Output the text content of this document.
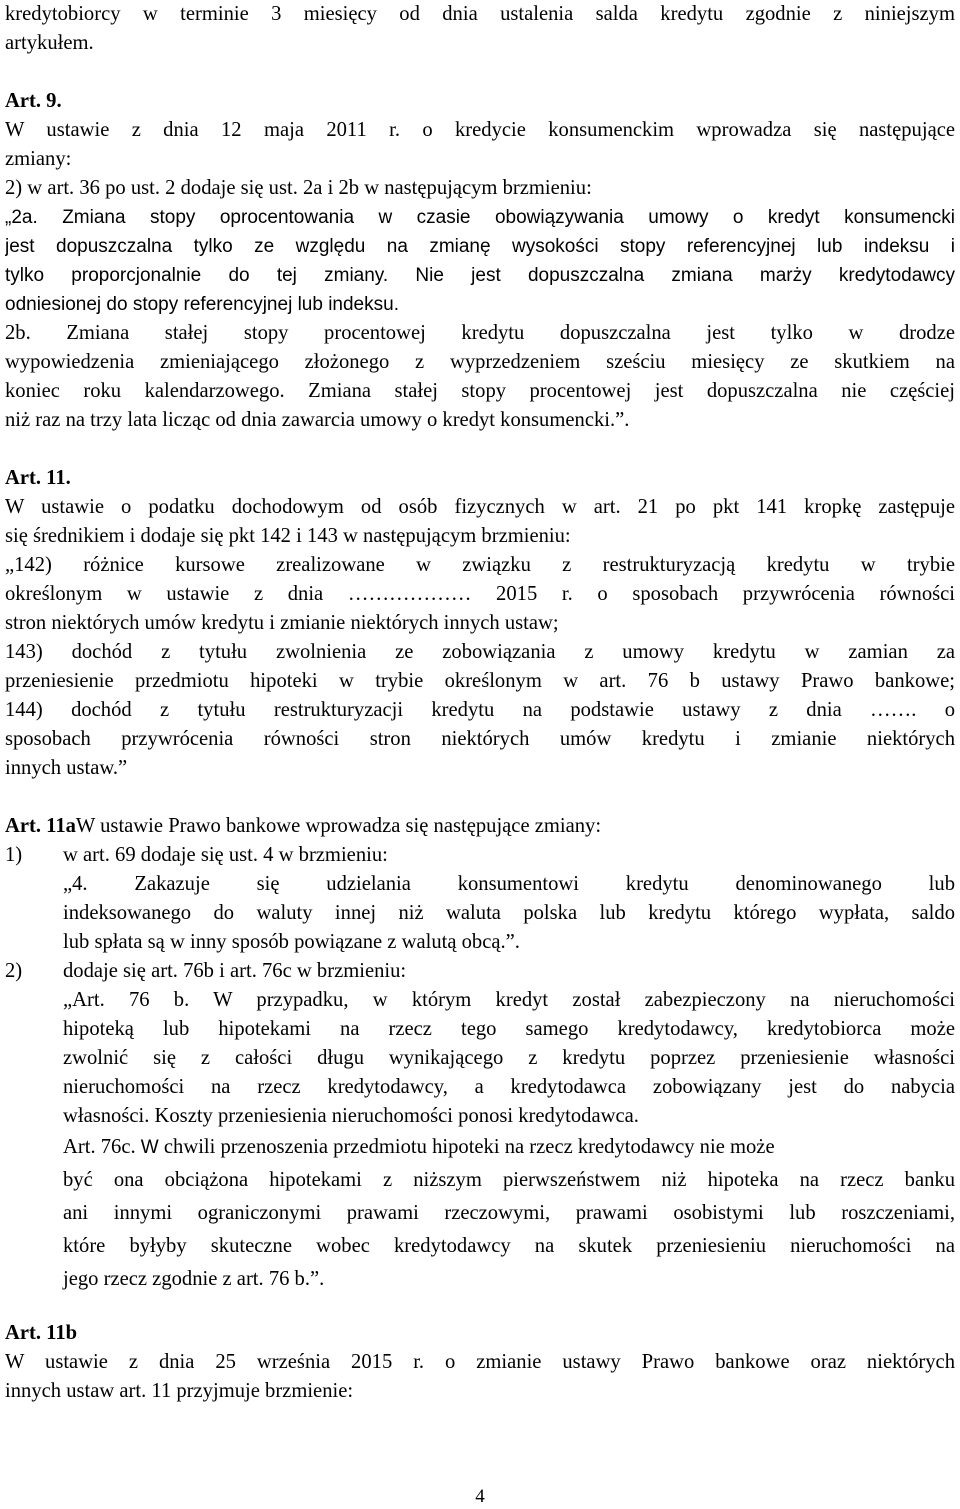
kredytobiorcy w terminie 3 miesięcy od dnia ustalenia salda kredytu zgodnie z niniejszym
artykułem.
Art. 9.
W ustawie z dnia 12 maja 2011 r. o kredycie konsumenckim wprowadza się następujące
zmiany:
2) w art. 36 po ust. 2 dodaje się ust. 2a i 2b w następującym brzmieniu:
„2a. Zmiana stopy oprocentowania w czasie obowiązywania umowy o kredyt konsumencki
jest dopuszczalna tylko ze względu na zmianę wysokości stopy referencyjnej lub indeksu i
tylko proporcjonalnie do tej zmiany. Nie jest dopuszczalna zmiana marży kredytodawcy
odniesionej do stopy referencyjnej lub indeksu.
2b. Zmiana stałej stopy procentowej kredytu dopuszczalna jest tylko w drodze
wypowiedzenia zmieniającego złożonego z wyprzedzeniem sześciu miesięcy ze skutkiem na
koniec roku kalendarzowego. Zmiana stałej stopy procentowej jest dopuszczalna nie częściej
niż raz na trzy lata licząc od dnia zawarcia umowy o kredyt konsumencki.”.
Art. 11.
W ustawie o podatku dochodowym od osób fizycznych w art. 21 po pkt 141 kropkę zastępuje
się średnikiem i dodaje się pkt 142 i 143 w następującym brzmieniu:
„142) różnice kursowe zrealizowane w związku z restrukturyzacją kredytu w trybie
określonym w ustawie z dnia ……………… 2015 r. o sposobach przywrócenia równości
stron niektórych umów kredytu i zmianie niektórych innych ustaw;
143) dochód z tytułu zwolnienia ze zobowiązania z umowy kredytu w zamian za
przeniesienie przedmiotu hipoteki w trybie określonym w art. 76 b ustawy Prawo bankowe;
144) dochód z tytułu restrukturyzacji kredytu na podstawie ustawy z dnia ……. o
sposobach przywrócenia równości stron niektórych umów kredytu i zmianie niektórych
innych ustaw.”
Art. 11aW ustawie Prawo bankowe wprowadza się następujące zmiany:
1) w art. 69 dodaje się ust. 4 w brzmieniu:
„4. Zakazuje się udzielania konsumentowi kredytu denominowanego lub
indeksowanego do waluty innej niż waluta polska lub kredytu którego wypłata, saldo
lub spłata są w inny sposób powiązane z walutą obcą.”.
2) dodaje się art. 76b i art. 76c w brzmieniu:
„Art. 76 b. W przypadku, w którym kredyt został zabezpieczony na nieruchomości
hipoteką lub hipotekami na rzecz tego samego kredytodawcy, kredytobiorca może
zwolnić się z całości długu wynikającego z kredytu poprzez przeniesienie własności
nieruchomości na rzecz kredytodawcy, a kredytodawca zobowiązany jest do nabycia
własności. Koszty przeniesienia nieruchomości ponosi kredytodawca.
Art. 76c. W chwili przenoszenia przedmiotu hipoteki na rzecz kredytodawcy nie może
być ona obciążona hipotekami z niższym pierwszeństwem niż hipoteka na rzecz banku
ani innymi ograniczonymi prawami rzeczowymi, prawami osobistymi lub roszczeniami,
które byłyby skuteczne wobec kredytodawcy na skutek przeniesieniu nieruchomości na
jego rzecz zgodnie z art. 76 b.”.
Art. 11b
W ustawie z dnia 25 września 2015 r. o zmianie ustawy Prawo bankowe oraz niektórych
innych ustaw art. 11 przyjmuje brzmienie:
4
